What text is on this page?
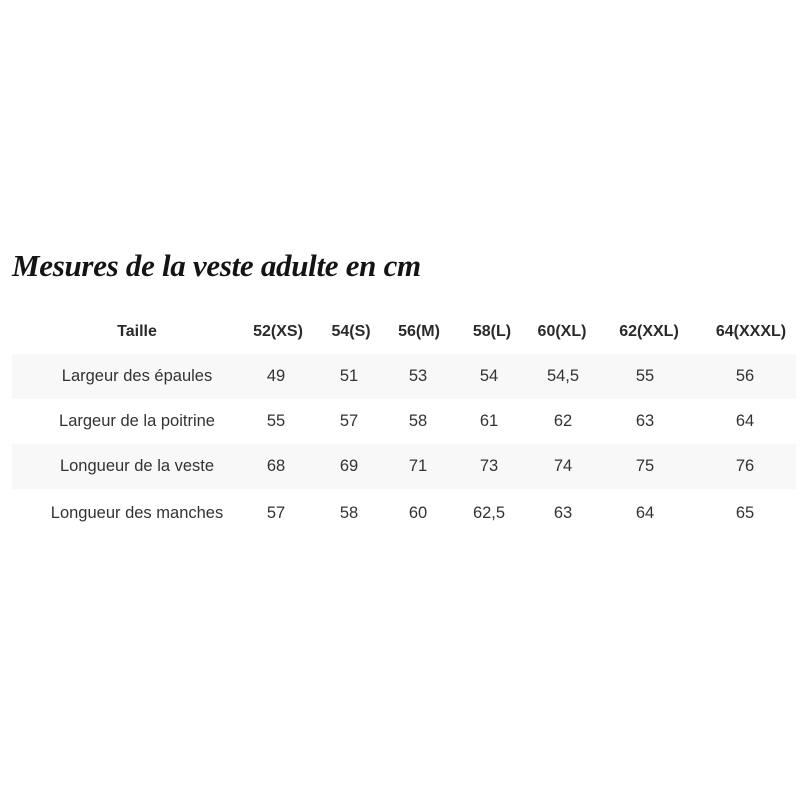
Mesures de la veste adulte en cm
Taille	52(XS)	54(S)	56(M)	58(L)	60(XL)	62(XXL)	64(XXXL)
Largeur des épaules	49	51	53	54	54,5	55	56
Largeur de la poitrine	55	57	58	61	62	63	64
Longueur de la veste	68	69	71	73	74	75	76
Longueur des manches	57	58	60	62,5	63	64	65
